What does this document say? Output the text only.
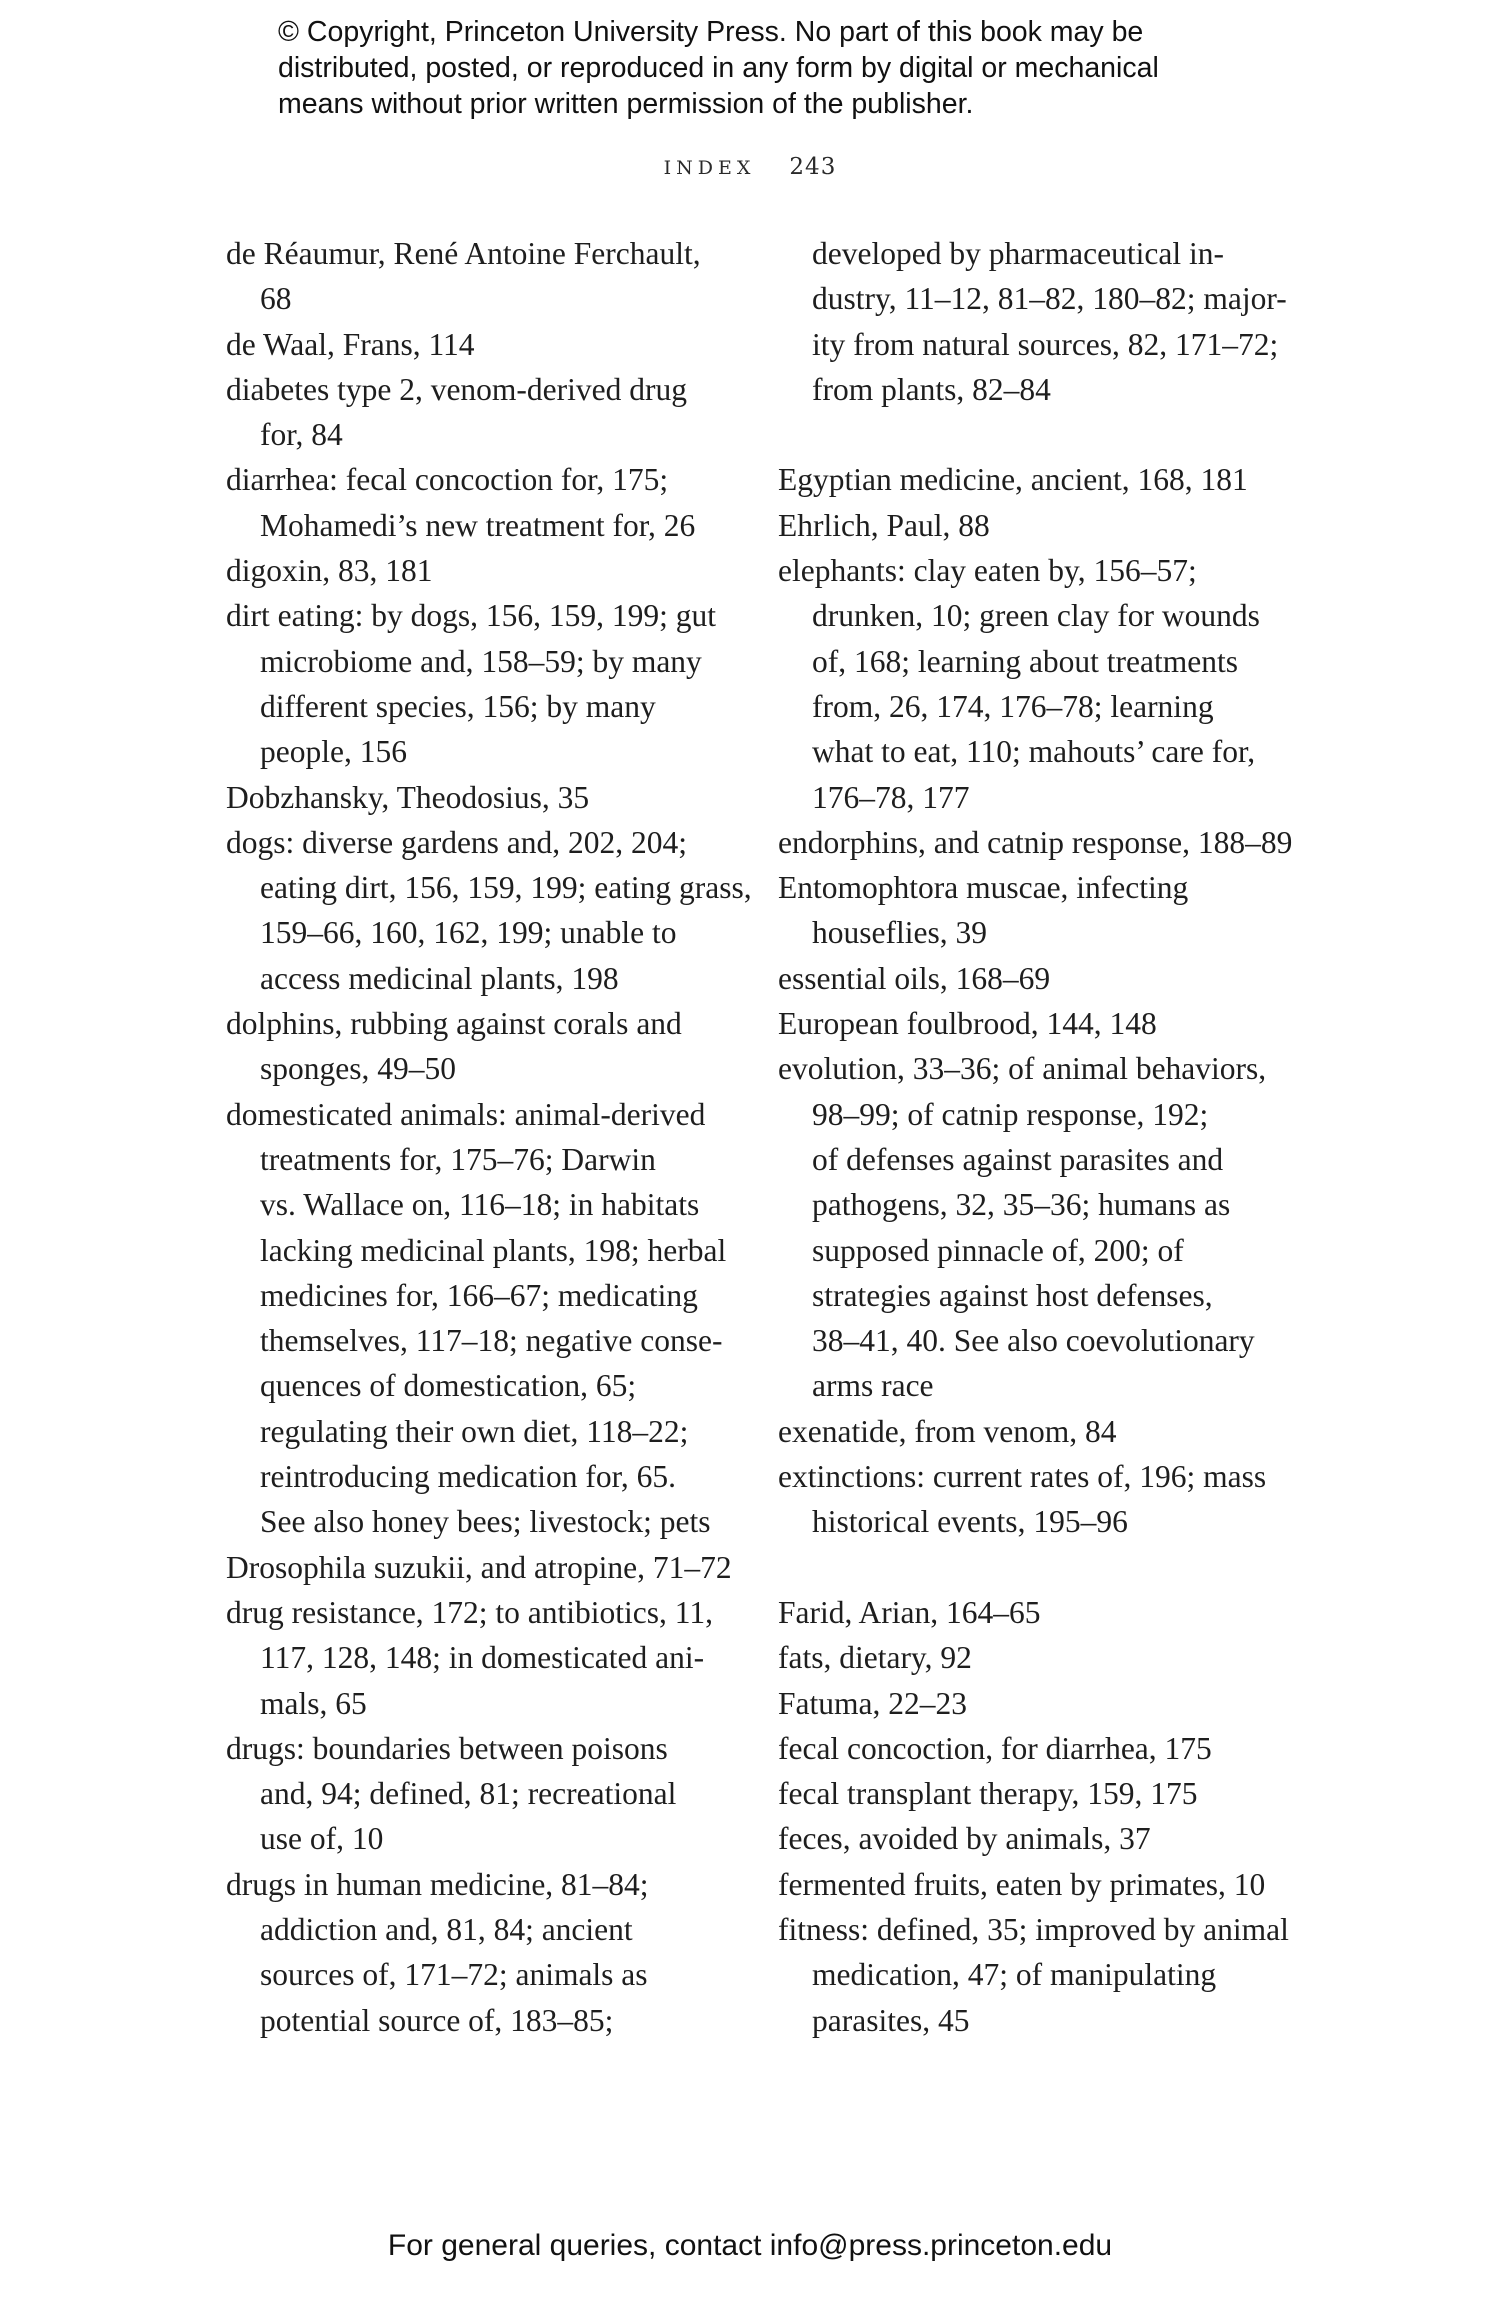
© Copyright, Princeton University Press. No part of this book may be
distributed, posted, or reproduced in any form by digital or mechanical
means without prior written permission of the publisher.
INDEX 243
de Réaumur, René Antoine Ferchault,
68
de Waal, Frans, 114
diabetes type 2, venom-derived drug
for, 84
diarrhea: fecal concoction for, 175;
Mohamedi’s new treatment for, 26
digoxin, 83, 181
dirt eating: by dogs, 156, 159, 199; gut
microbiome and, 158–59; by many
different species, 156; by many
people, 156
Dobzhansky, Theodosius, 35
dogs: diverse gardens and, 202, 204;
eating dirt, 156, 159, 199; eating grass,
159–66, 160, 162, 199; unable to
access medicinal plants, 198
dolphins, rubbing against corals and
sponges, 49–50
domesticated animals: animal-derived
treatments for, 175–76; Darwin
vs. Wallace on, 116–18; in habitats
lacking medicinal plants, 198; herbal
medicines for, 166–67; medicating
themselves, 117–18; negative conse-
quences of domestication, 65;
regulating their own diet, 118–22;
reintroducing medication for, 65.
See also honey bees; livestock; pets
Drosophila suzukii, and atropine, 71–72
drug resistance, 172; to antibiotics, 11,
117, 128, 148; in domesticated ani-
mals, 65
drugs: boundaries between poisons
and, 94; defined, 81; recreational
use of, 10
drugs in human medicine, 81–84;
addiction and, 81, 84; ancient
sources of, 171–72; animals as
potential source of, 183–85;
developed by pharmaceutical in-
dustry, 11–12, 81–82, 180–82; major-
ity from natural sources, 82, 171–72;
from plants, 82–84
Egyptian medicine, ancient, 168, 181
Ehrlich, Paul, 88
elephants: clay eaten by, 156–57;
drunken, 10; green clay for wounds
of, 168; learning about treatments
from, 26, 174, 176–78; learning
what to eat, 110; mahouts’ care for,
176–78, 177
endorphins, and catnip response, 188–89
Entomophtora muscae, infecting
houseflies, 39
essential oils, 168–69
European foulbrood, 144, 148
evolution, 33–36; of animal behaviors,
98–99; of catnip response, 192;
of defenses against parasites and
pathogens, 32, 35–36; humans as
supposed pinnacle of, 200; of
strategies against host defenses,
38–41, 40. See also coevolutionary
arms race
exenatide, from venom, 84
extinctions: current rates of, 196; mass
historical events, 195–96
Farid, Arian, 164–65
fats, dietary, 92
Fatuma, 22–23
fecal concoction, for diarrhea, 175
fecal transplant therapy, 159, 175
feces, avoided by animals, 37
fermented fruits, eaten by primates, 10
fitness: defined, 35; improved by animal
medication, 47; of manipulating
parasites, 45
For general queries, contact info@press.princeton.edu
